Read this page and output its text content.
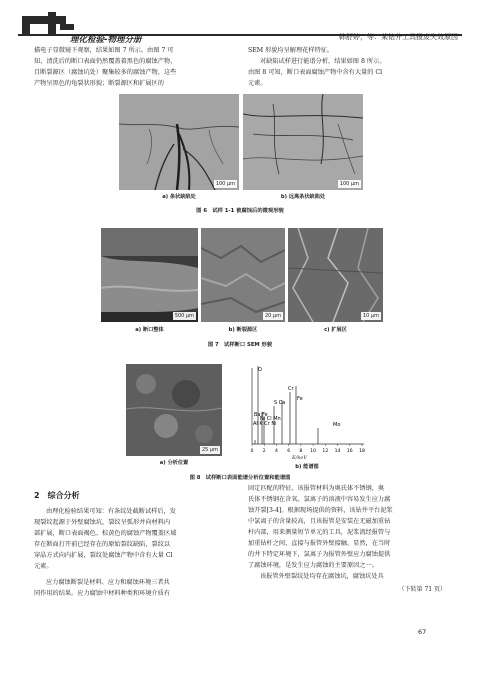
理化检验-物理分册	韩舒婷，等：某钻井工具报废失效原因
描电子显微镜下观察，结果如图 7 所示。由图 7 可
知，清洗后的断口表面仍然覆盖着黑色的腐蚀产物，
且断裂源区（腐蚀坑处）聚集较多的腐蚀产物，这些
产物呈黑色的龟裂状形貌；断裂源区和扩展区的
SEM 形貌均呈解理花样特征。
对缺陷试样进行能谱分析，结果如图 8 所示。
由图 8 可知，断口表面腐蚀产物中含有大量的 Cl
元素。
100 μm	100 μm
a) 条状缺陷处	b) 远离条状缺陷处
图 6　试样 1-1 被腐蚀后的微观形貌
500 μm	20 μm	10 μm
a) 断口整体	b) 断裂源区	c) 扩展区
图 7　试样断口 SEM 形貌
25 μm	0 2 4 6 8 10 12 14 16 18
O
Cr
Fe
S Ca
Ba Fe
Ni Cl Mn
Al K Cr Ni	Mo
E/keV
a) 分析位置
b) 能谱图
图 8　试样断口表面能谱分析位置和能谱图
2　综合分析
由理化检验结果可知：有条纹处截断试样后，发
现裂纹起源于外壁腐蚀坑，裂纹呈弧形并向材料内
部扩展，断口表面褐色、棕黄色的腐蚀产物覆盖区域
存在断面打开前已经存在的原始裂纹缺陷，裂纹以
穿晶方式向内扩展，裂纹处腐蚀产物中含有大量 Cl
元素。
应力腐蚀断裂是材料、应力和腐蚀环境三者共
同作用的结果。应力腐蚀中材料种类和环境介质有
固定匹配的特征。该报管材料为奥氏体不锈钢，奥
氏体不锈钢在含氧、氯离子的溶液中容易发生应力腐
蚀开裂[3-4]。根据现场提供的资料，该钻井平台泥浆
中氯离子的含量较高，且该报管是安装在无磁加重钻
杆内部，用来测量短节单元的工具，泥浆流经报管与
加重钻杆之间，直接与报管外壁接触。显然，在当时
的井下特定环境下，氯离子为报管外壁应力腐蚀提供
了腐蚀环境，是发生应力腐蚀的主要原因之一。
该报管外壁裂纹处均存在腐蚀坑，腐蚀坑处具
（下转第 71 页）
67
